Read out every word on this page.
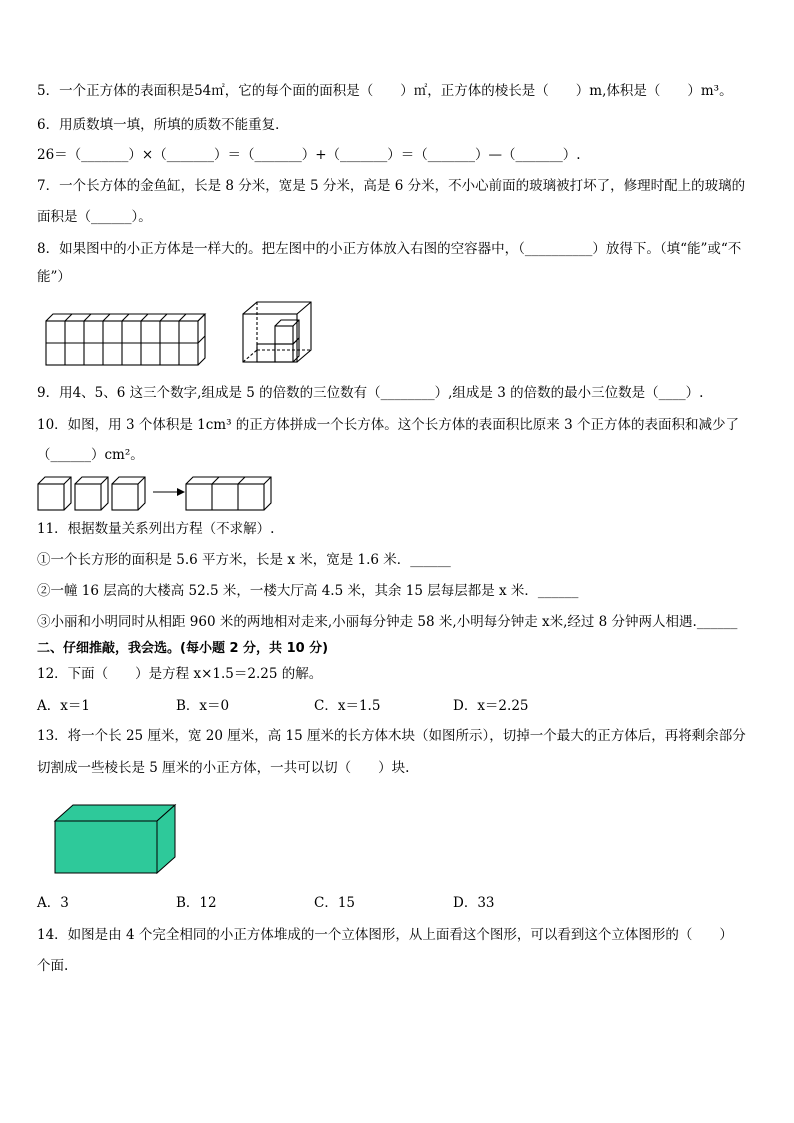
5．一个正方体的表面积是54㎡，它的每个面的面积是（　　）㎡，正方体的棱长是（　　）m,体积是（　　）m³。
6．用质数填一填，所填的质数不能重复．
26＝（_______）×（_______）＝（_______）+（_______）＝（_______）—（_______）.
7．一个长方体的金鱼缸，长是 8 分米，宽是 5 分米，高是 6 分米，不小心前面的玻璃被打坏了，修理时配上的玻璃的
面积是（______）。
8．如果图中的小正方体是一样大的。把左图中的小正方体放入右图的空容器中，（__________）放得下。（填“能”或“不
能”）
9．用4、5、6 这三个数字,组成是 5 的倍数的三位数有（________）,组成是 3 的倍数的最小三位数是（____）.
10．如图，用 3 个体积是 1cm³ 的正方体拼成一个长方体。这个长方体的表面积比原来 3 个正方体的表面积和减少了
（______）cm²。
11．根据数量关系列出方程（不求解）.
①一个长方形的面积是 5.6 平方米，长是 x 米，宽是 1.6 米．______
②一幢 16 层高的大楼高 52.5 米，一楼大厅高 4.5 米，其余 15 层每层都是 x 米．______
③小丽和小明同时从相距 960 米的两地相对走来,小丽每分钟走 58 米,小明每分钟走 x米,经过 8 分钟两人相遇.______
二、仔细推敲，我会选。(每小题 2 分，共 10 分)
12．下面（　　）是方程 x×1.5＝2.25 的解。
A．x＝1	B．x＝0	C．x＝1.5	D．x＝2.25
13．将一个长 25 厘米，宽 20 厘米，高 15 厘米的长方体木块（如图所示），切掉一个最大的正方体后，再将剩余部分
切割成一些棱长是 5 厘米的小正方体，一共可以切（　　）块.
A．3	B．12	C．15	D．33
14．如图是由 4 个完全相同的小正方体堆成的一个立体图形，从上面看这个图形，可以看到这个立体图形的（　　）
个面.
